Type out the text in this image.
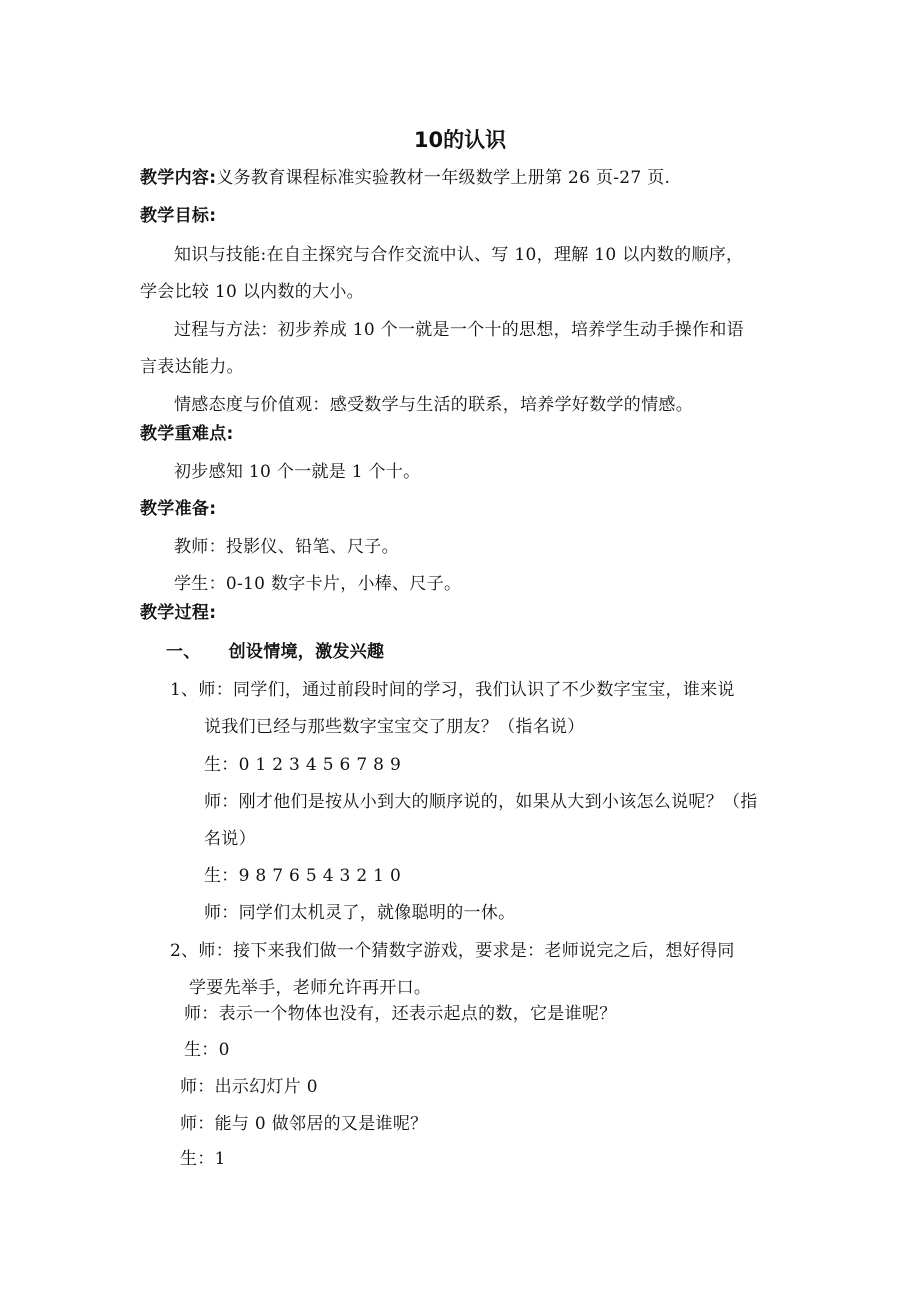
10的认识
教学内容:义务教育课程标准实验教材一年级数学上册第 26 页-27 页.
教学目标:
知识与技能:在自主探究与合作交流中认、写 10，理解 10 以内数的顺序，
学会比较 10 以内数的大小。
过程与方法：初步养成 10 个一就是一个十的思想，培养学生动手操作和语
言表达能力。
情感态度与价值观：感受数学与生活的联系，培养学好数学的情感。
教学重难点:
初步感知 10 个一就是 1 个十。
教学准备:
教师：投影仪、铅笔、尺子。
学生：0-10 数字卡片，小棒、尺子。
教学过程:
一、 创设情境，激发兴趣
1、师：同学们，通过前段时间的学习，我们认识了不少数字宝宝，谁来说
说我们已经与那些数字宝宝交了朋友？（指名说）
生：0 1 2 3 4 5 6 7 8 9
师：刚才他们是按从小到大的顺序说的，如果从大到小该怎么说呢？（指
名说）
生：9 8 7 6 5 4 3 2 1 0
师：同学们太机灵了，就像聪明的一休。
2、师：接下来我们做一个猜数字游戏，要求是：老师说完之后，想好得同
学要先举手，老师允许再开口。
师：表示一个物体也没有，还表示起点的数，它是谁呢？
生：0
师：出示幻灯片 0
师：能与 0 做邻居的又是谁呢？
生：1
